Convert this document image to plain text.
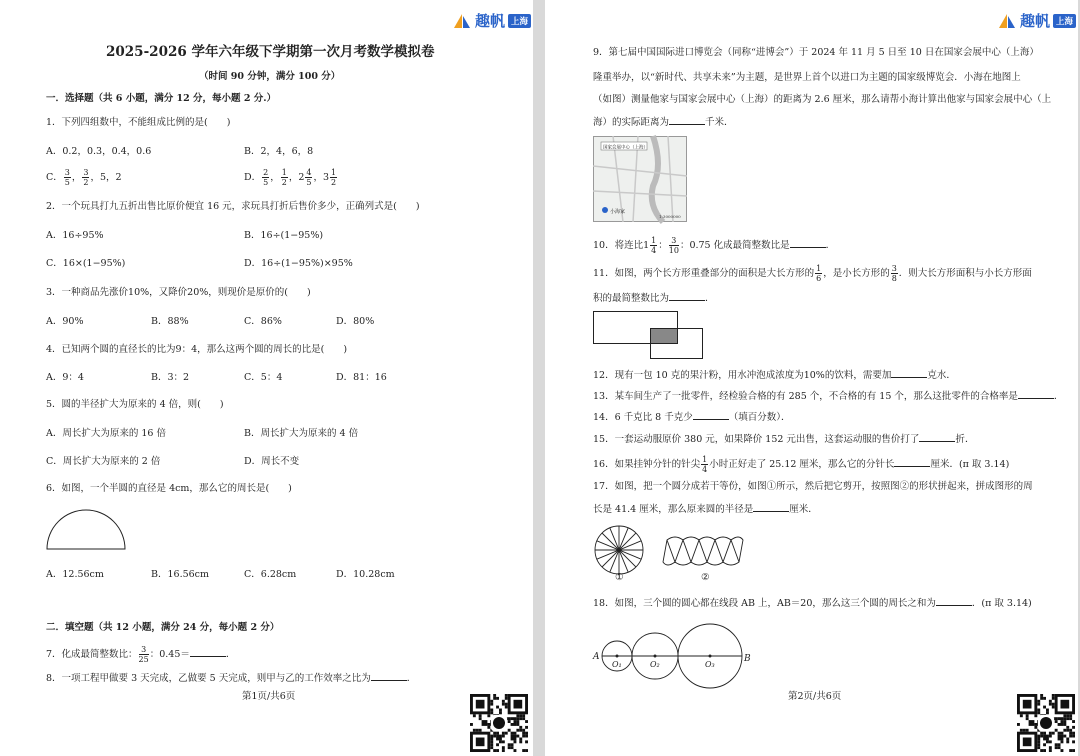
趣帆 上海
2025-2026 学年六年级下学期第一次月考数学模拟卷
（时间 90 分钟，满分 100 分）
一．选择题（共 6 小题，满分 12 分，每小题 2 分.）
1．下列四组数中，不能组成比例的是(　　)
A．0.2，0.3，0.4，0.6	B．2，4，6，8
C． $\frac{3}{5}$ ， $\frac{3}{2}$ ，5，2	D． $\frac{2}{5}$ ， $\frac{1}{2}$ ，$2 \frac{4}{5}$ ，$3 \frac{1}{2}$
2．一个玩具打九五折出售比原价便宜 16 元，求玩具打折后售价多少，正确列式是(　　)
A．16÷95%	B．16÷(1−95%)
C．16×(1−95%)	D．16÷(1−95%)×95%
3．一种商品先涨价10%，又降价20%，则现价是原价的(　　)
A．90%	B．88%	C．86%	D．80%
4．已知两个圆的直径长的比为9：4，那么这两个圆的周长的比是(　　)
A．9：4	B．3：2	C．5：4	D．81：16
5．圆的半径扩大为原来的 4 倍，则(　　)
A．周长扩大为原来的 16 倍	B．周长扩大为原来的 4 倍
C．周长扩大为原来的 2 倍	D．周长不变
6．如图，一个半圆的直径是 4cm，那么它的周长是(　　)
A．12.56cm	B．16.56cm	C．6.28cm	D．10.28cm
二．填空题（共 12 小题，满分 24 分，每小题 2 分）
7．化成最简整数比： $\frac{3}{25}$ ：0.45＝	．
8．一项工程甲做要 3 天完成，乙做要 5 天完成，则甲与乙的工作效率之比为	．
第1页/共6页
趣帆 上海
9．第七届中国国际进口博览会（同称“进博会”）于 2024 年 11 月 5 日至 10 日在国家会展中心（上海）
隆重举办，以“新时代、共享未来”为主题，是世界上首个以进口为主题的国家级博览会．小海在地图上
（如图）测量他家与国家会展中心（上海）的距离为 2.6 厘米，那么请帮小海计算出他家与国家会展中心（上
海）的实际距离为	千米．
国家会展中心（上海）
小海家
1:3000000
10．将连比$1 \frac{1}{4}$ ： $\frac{3}{10}$ ：0.75 化成最简整数比是	．
11．如图，两个长方形重叠部分的面积是大长方形的 $\frac{1}{6}$ ，是小长方形的 $\frac{3}{8}$ ．则大长方形面积与小长方形面
积的最简整数比为	．
12．现有一包 10 克的果汁粉，用水冲泡成浓度为10%的饮料，需要加	克水．
13．某车间生产了一批零件，经检验合格的有 285 个，不合格的有 15 个，那么这批零件的合格率是	．
14．6 千克比 8 千克少	（填百分数）．
15．一套运动服原价 380 元，如果降价 152 元出售，这套运动服的售价打了	折．
16．如果挂钟分针的针尖 $\frac{1}{4}$ 小时正好走了 25.12 厘米，那么它的分针长	厘米．(π 取 3.14)
17．如图，把一个圆分成若干等份，如图①所示，然后把它剪开，按照图②的形状拼起来，拼成图形的周
长是 41.4 厘米，那么原来圆的半径是	厘米．
①	②
18．如图，三个圆的圆心都在线段 AB 上，AB＝20，那么这三个圆的周长之和为	．(π 取 3.14)
A	B
O₁	O₂	O₃
第2页/共6页
